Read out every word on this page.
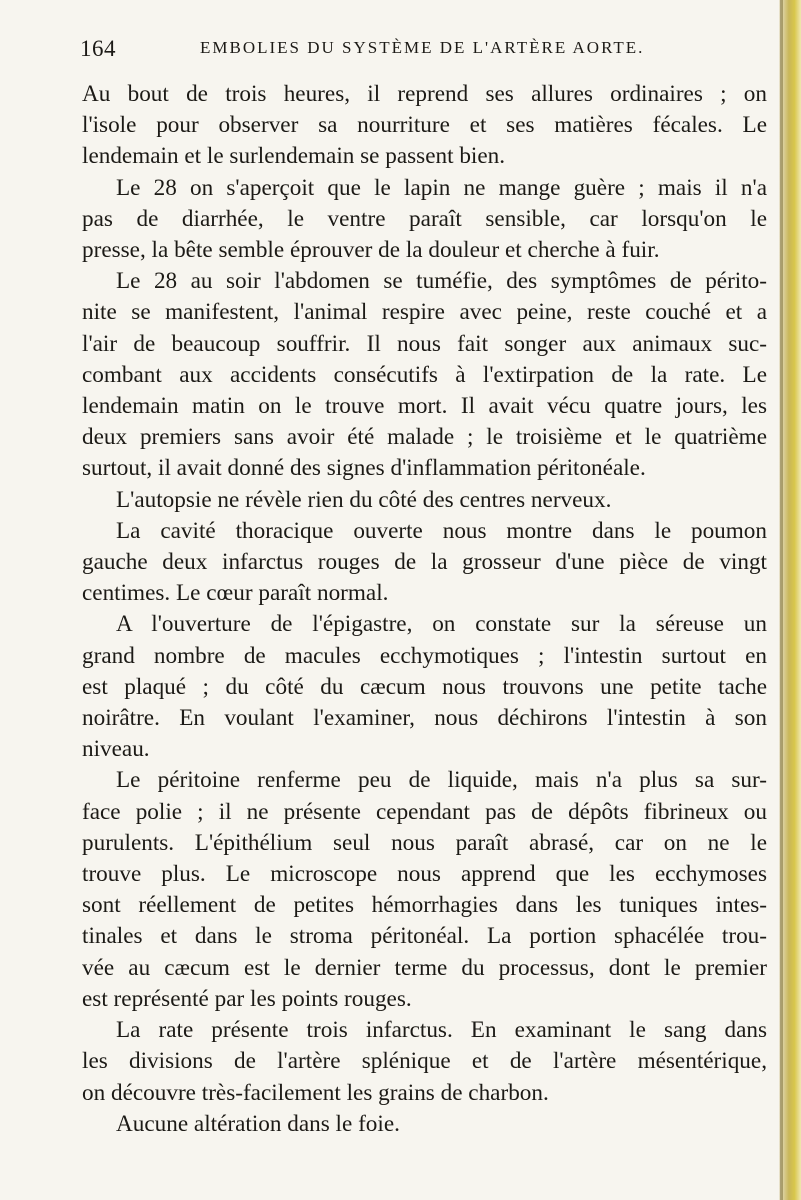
164	EMBOLIES DU SYSTÈME DE L'ARTÈRE AORTE.
Au bout de trois heures, il reprend ses allures ordinaires ; on
l'isole pour observer sa nourriture et ses matières fécales. Le
lendemain et le surlendemain se passent bien.
Le 28 on s'aperçoit que le lapin ne mange guère ; mais il n'a
pas de diarrhée, le ventre paraît sensible, car lorsqu'on le
presse, la bête semble éprouver de la douleur et cherche à fuir.
Le 28 au soir l'abdomen se tuméfie, des symptômes de périto-
nite se manifestent, l'animal respire avec peine, reste couché et a
l'air de beaucoup souffrir. Il nous fait songer aux animaux suc-
combant aux accidents consécutifs à l'extirpation de la rate. Le
lendemain matin on le trouve mort. Il avait vécu quatre jours, les
deux premiers sans avoir été malade ; le troisième et le quatrième
surtout, il avait donné des signes d'inflammation péritonéale.
L'autopsie ne révèle rien du côté des centres nerveux.
La cavité thoracique ouverte nous montre dans le poumon
gauche deux infarctus rouges de la grosseur d'une pièce de vingt
centimes. Le cœur paraît normal.
A l'ouverture de l'épigastre, on constate sur la séreuse un
grand nombre de macules ecchymotiques ; l'intestin surtout en
est plaqué ; du côté du cæcum nous trouvons une petite tache
noirâtre. En voulant l'examiner, nous déchirons l'intestin à son
niveau.
Le péritoine renferme peu de liquide, mais n'a plus sa sur-
face polie ; il ne présente cependant pas de dépôts fibrineux ou
purulents. L'épithélium seul nous paraît abrasé, car on ne le
trouve plus. Le microscope nous apprend que les ecchymoses
sont réellement de petites hémorrhagies dans les tuniques intes-
tinales et dans le stroma péritonéal. La portion sphacélée trou-
vée au cæcum est le dernier terme du processus, dont le premier
est représenté par les points rouges.
La rate présente trois infarctus. En examinant le sang dans
les divisions de l'artère splénique et de l'artère mésentérique,
on découvre très-facilement les grains de charbon.
Aucune altération dans le foie.
